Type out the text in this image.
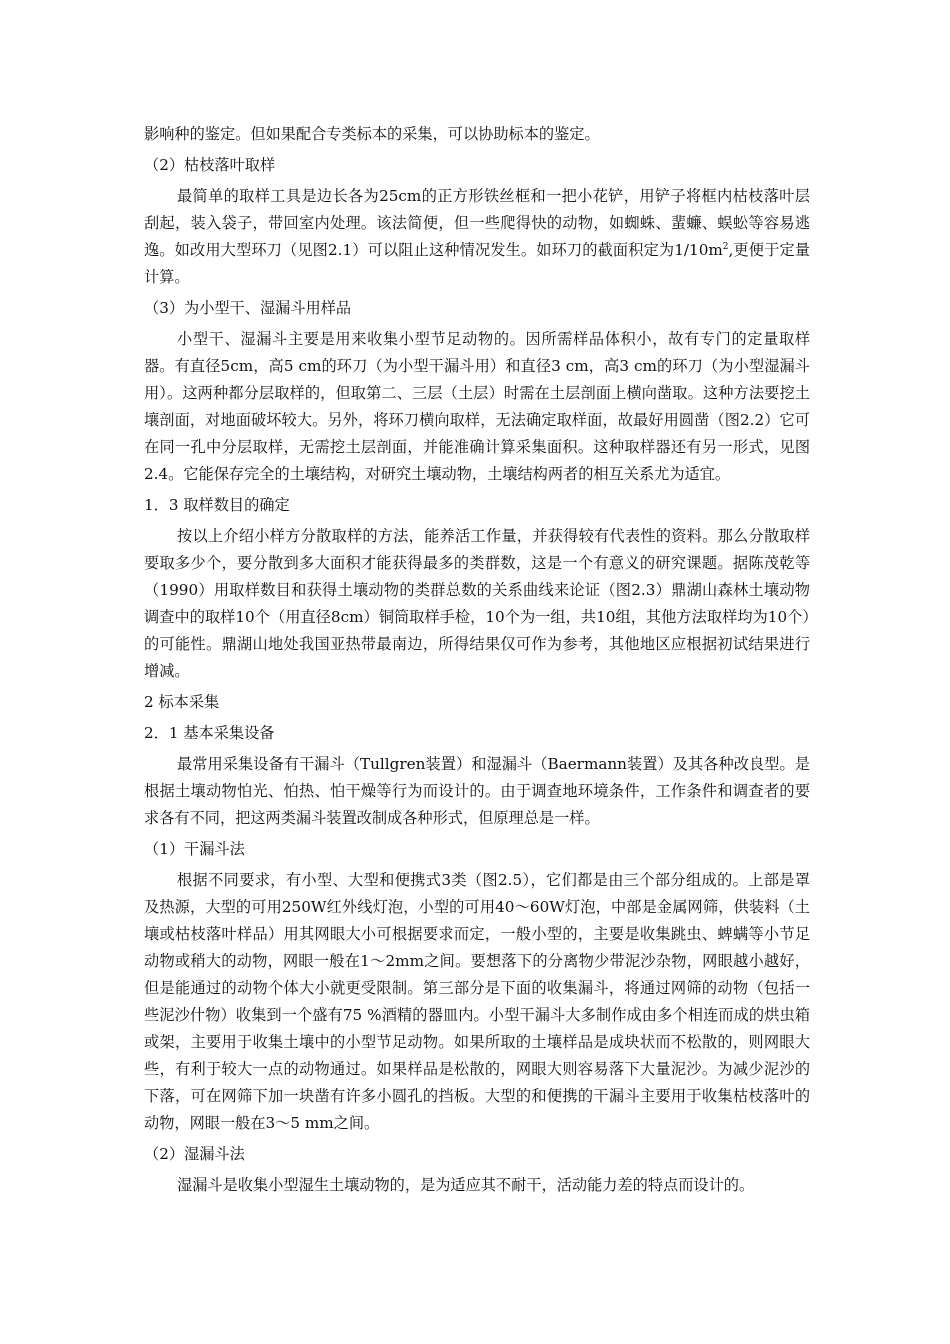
影响种的鉴定。但如果配合专类标本的采集，可以协助标本的鉴定。

（2）枯枝落叶取样

最简单的取样工具是边长各为25cm的正方形铁丝框和一把小花铲，用铲子将框内枯枝落叶层刮起，装入袋子，带回室内处理。该法简便，但一些爬得快的动物，如蜘蛛、蜚蠊、蜈蚣等容易逃逸。如改用大型环刀（见图2.1）可以阻止这种情况发生。如环刀的截面积定为$1/10m^2$,更便于定量计算。

（3）为小型干、湿漏斗用样品

小型干、湿漏斗主要是用来收集小型节足动物的。因所需样品体积小，故有专门的定量取样器。有直径5cm，高5 cm的环刀（为小型干漏斗用）和直径3 cm，高3 cm的环刀（为小型湿漏斗用）。这两种都分层取样的，但取第二、三层（土层）时需在土层剖面上横向凿取。这种方法要挖土壤剖面，对地面破坏较大。另外，将环刀横向取样，无法确定取样面，故最好用圆凿（图2.2）它可在同一孔中分层取样，无需挖土层剖面，并能准确计算采集面积。这种取样器还有另一形式，见图2.4。它能保存完全的土壤结构，对研究土壤动物，土壤结构两者的相互关系尤为适宜。

1．3 取样数目的确定

按以上介绍小样方分散取样的方法，能养活工作量，并获得较有代表性的资料。那么分散取样要取多少个，要分散到多大面积才能获得最多的类群数，这是一个有意义的研究课题。据陈茂乾等（1990）用取样数目和获得土壤动物的类群总数的关系曲线来论证（图2.3）鼎湖山森林土壤动物调查中的取样10个（用直径8cm）铜筒取样手检，10个为一组，共10组，其他方法取样均为10个）的可能性。鼎湖山地处我国亚热带最南边，所得结果仅可作为参考，其他地区应根据初试结果进行增减。

2 标本采集

2．1 基本采集设备

最常用采集设备有干漏斗（Tullgren装置）和湿漏斗（Baermann装置）及其各种改良型。是根据土壤动物怕光、怕热、怕干燥等行为而设计的。由于调查地环境条件，工作条件和调查者的要求各有不同，把这两类漏斗装置改制成各种形式，但原理总是一样。

（1）干漏斗法

根据不同要求，有小型、大型和便携式3类（图2.5），它们都是由三个部分组成的。上部是罩及热源，大型的可用250W红外线灯泡，小型的可用40～60W灯泡，中部是金属网筛，供装料（土壤或枯枝落叶样品）用其网眼大小可根据要求而定，一般小型的，主要是收集跳虫、蜱螨等小节足动物或稍大的动物，网眼一般在1～2mm之间。要想落下的分离物少带泥沙杂物，网眼越小越好，但是能通过的动物个体大小就更受限制。第三部分是下面的收集漏斗，将通过网筛的动物（包括一些泥沙什物）收集到一个盛有75 %酒精的器皿内。小型干漏斗大多制作成由多个相连而成的烘虫箱或架，主要用于收集土壤中的小型节足动物。如果所取的土壤样品是成块状而不松散的，则网眼大些，有利于较大一点的动物通过。如果样品是松散的，网眼大则容易落下大量泥沙。为减少泥沙的下落，可在网筛下加一块凿有许多小圆孔的挡板。大型的和便携的干漏斗主要用于收集枯枝落叶的动物，网眼一般在3～5 mm之间。

（2）湿漏斗法

湿漏斗是收集小型湿生土壤动物的，是为适应其不耐干，活动能力差的特点而设计的。
